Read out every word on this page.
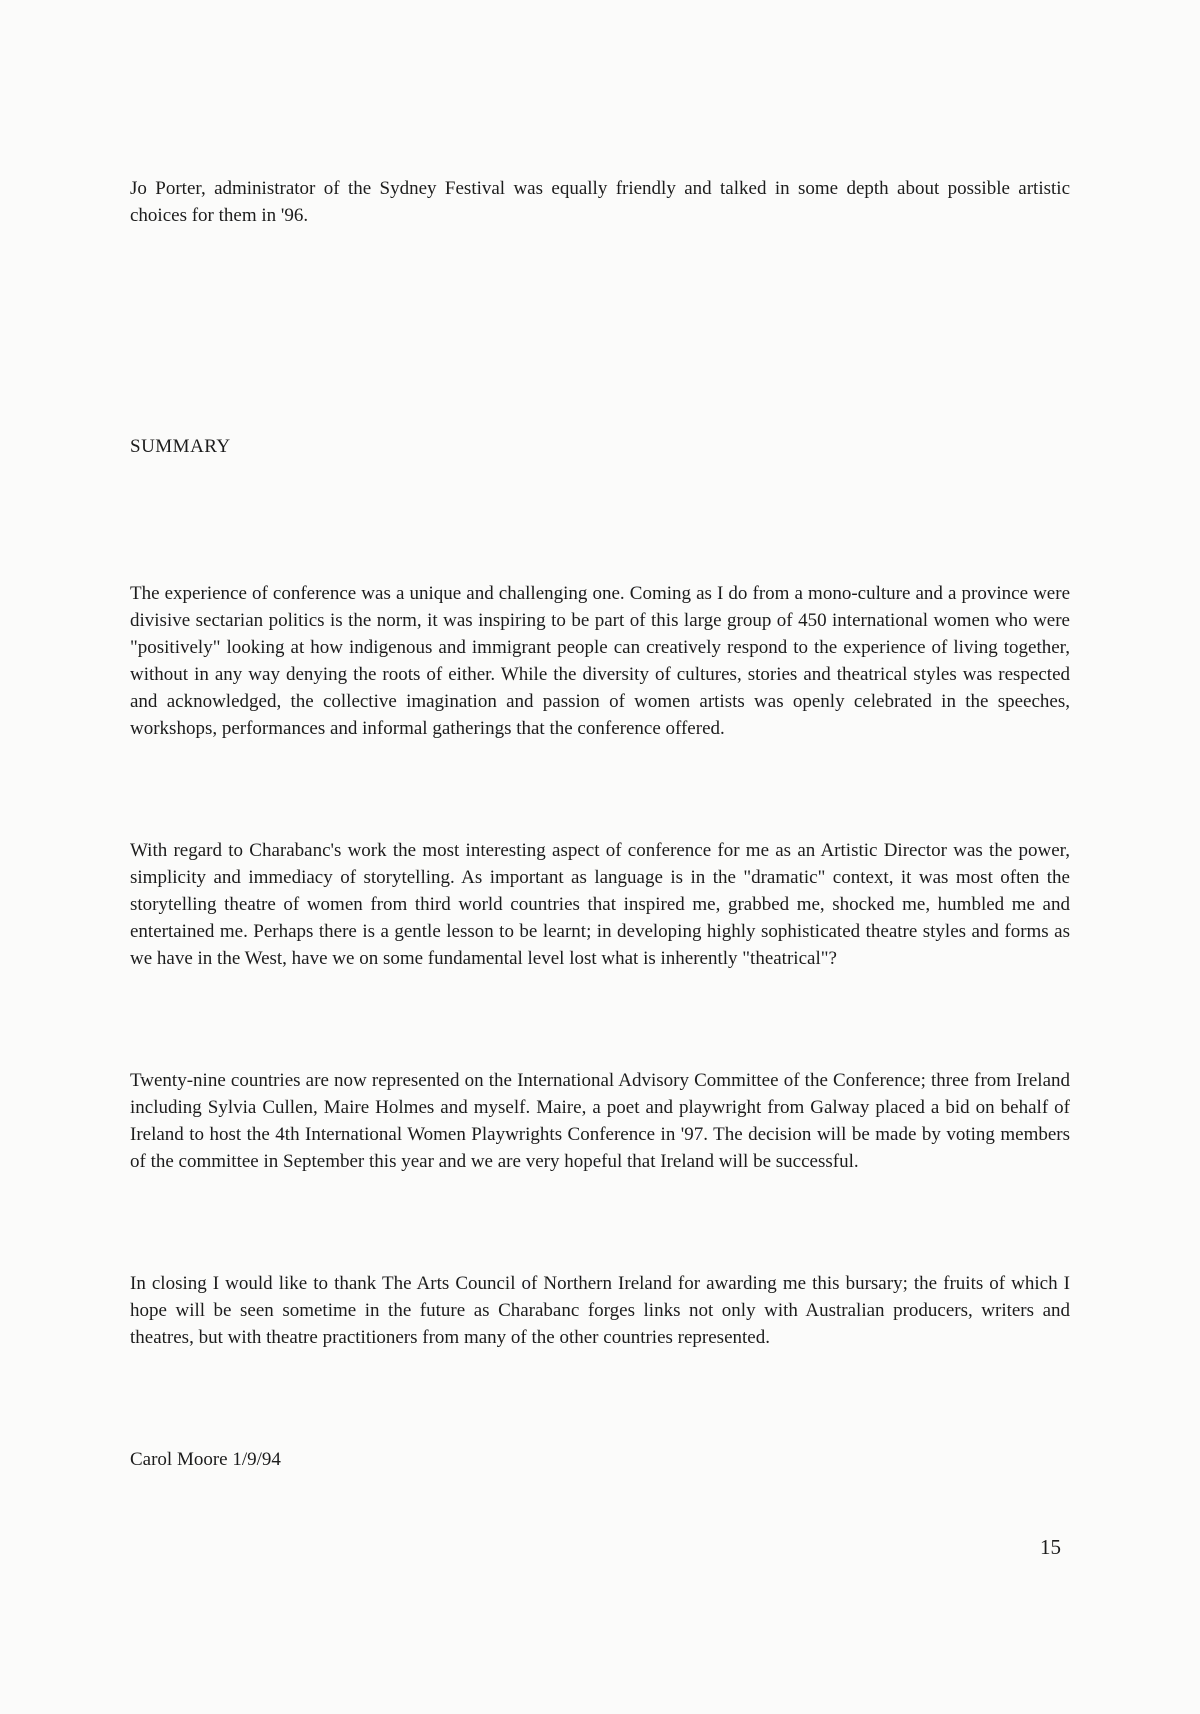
Jo Porter, administrator of the Sydney Festival was equally friendly and talked in some depth about possible artistic choices for them in '96.

SUMMARY

The experience of conference was a unique and challenging one. Coming as I do from a mono-culture and a province were divisive sectarian politics is the norm, it was inspiring to be part of this large group of 450 international women who were "positively" looking at how indigenous and immigrant people can creatively respond to the experience of living together, without in any way denying the roots of either. While the diversity of cultures, stories and theatrical styles was respected and acknowledged, the collective imagination and passion of women artists was openly celebrated in the speeches, workshops, performances and informal gatherings that the conference offered.

With regard to Charabanc's work the most interesting aspect of conference for me as an Artistic Director was the power, simplicity and immediacy of storytelling. As important as language is in the "dramatic" context, it was most often the storytelling theatre of women from third world countries that inspired me, grabbed me, shocked me, humbled me and entertained me. Perhaps there is a gentle lesson to be learnt; in developing highly sophisticated theatre styles and forms as we have in the West, have we on some fundamental level lost what is inherently "theatrical"?

Twenty-nine countries are now represented on the International Advisory Committee of the Conference; three from Ireland including Sylvia Cullen, Maire Holmes and myself. Maire, a poet and playwright from Galway placed a bid on behalf of Ireland to host the 4th International Women Playwrights Conference in '97. The decision will be made by voting members of the committee in September this year and we are very hopeful that Ireland will be successful.

In closing I would like to thank The Arts Council of Northern Ireland for awarding me this bursary; the fruits of which I hope will be seen sometime in the future as Charabanc forges links not only with Australian producers, writers and theatres, but with theatre practitioners from many of the other countries represented.

Carol Moore 1/9/94

15
